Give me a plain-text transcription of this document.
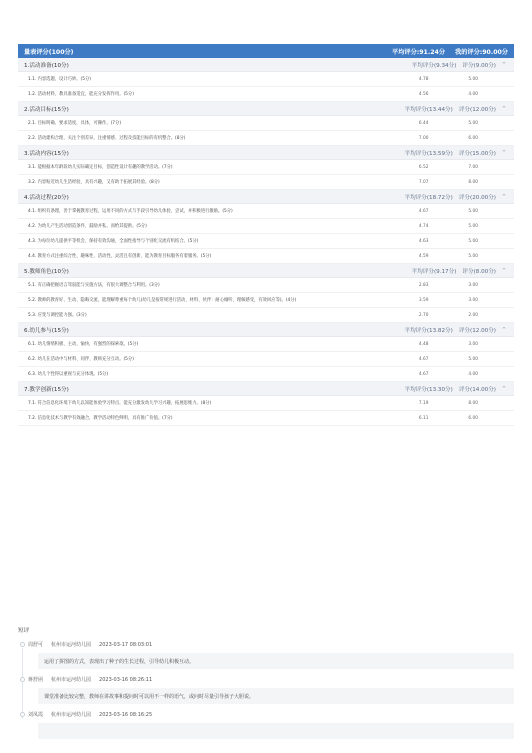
量表评分(100分)	平均评分:91.24分 我的评分:90.00分
1.活动准备(10分)	平均评分(9.34分) 评分(9.00分)	^
1.1. 内容选题、设计巧妙。(5分)	4.78	5.00
1.2. 活动材料、教具准备适宜，能充分发挥作用。(5分)	4.56	4.00
2.活动目标(15分)	平均评分(13.44分) 评分(12.00分)	^
2.1. 目标明确、要求适度，具体，可操作。(7分)	6.44	5.00
2.2. 活动建构合理，关注个别差异，注重情感、过程及技能目标的有机整合。(8分)	7.00	6.00
3.活动内容(15分)	平均评分(13.59分) 评分(15.00分)	^
3.1. 能根据本年龄段幼儿实际确定目标，创造性设计有趣的教学活动。(7分)	6.52	7.00
3.2. 内容贴近幼儿生活经验，具有兴趣，又有助于拓展其经验。(8分)	7.07	8.00
4.活动过程(20分)	平均评分(18.72分) 评分(20.00分)	^
4.1. 组织有条理，善于掌握教育过程，运用不同的方式与手段引导幼儿体验、尝试，并积极进行激励。(5分)	4.67	5.00
4.2. 为幼儿产生活动创造条件，鼓励并私，而给其提供。(5分)	4.74	5.00
4.3. 为每位幼儿提供平等机会，保持有效沟通，全面性指导与个别化交流有机结合。(5分)	4.63	5.00
4.4. 教育方式注重综合性、趣味性、活动性，灵活且有创新，能为教育目标服务有着服务。(5分)	4.59	5.00
5.教师角色(10分)	平均评分(9.17分) 评分(8.00分)	^
5.1. 有正确把握语言驾驭能与实施方法，有很大调整合与利用。(3分)	2.83	3.00
5.2. 教师的教育好、生动、隐晦交流，能理解尊重每个幼儿(幼儿是按常规进行活动、材料、伙伴：耐心倾听，理解感受，有效回应等)。(4分)	3.59	3.00
5.3. 应变与调控能力强。(3分)	2.70	2.00
6.幼儿参与(15分)	平均评分(13.82分) 评分(12.00分)	^
6.1. 幼儿情绪积极、主动、愉快，有强烈的探索欲。(5分)	4.48	3.00
6.2. 幼儿在活动中与材料、同伴、教师充分互动。(5分)	4.67	5.00
6.3. 幼儿个性得以重视与充分体现。(5分)	4.67	4.00
7.教学创新(15分)	平均评分(13.30分) 评分(14.00分)	^
7.1. 符合信息化环境下幼儿以知能体验学习特点，能充分激发幼儿学习兴趣，拓展思维力。(8分)	7.19	8.00
7.2. 信息化技术与教学有效融合，教学活动特色鲜明，具有推广价值。(7分)	6.11	6.00
短评
周舒可 杭州市运河幼儿园 2023-03-17 08:03:01
运用了拼图的方式，表现出了种子的生长过程，引导幼儿积极互动。
蒋舒函 杭州市运河幼儿园 2023-03-16 08:26:11
课堂准备比较完整，教师在讲故事和提问时可以用不一样的语气，或问时尽量引导孩子大胆说。
刘凤霞 杭州市运河幼儿园 2023-03-16 08:16:25
